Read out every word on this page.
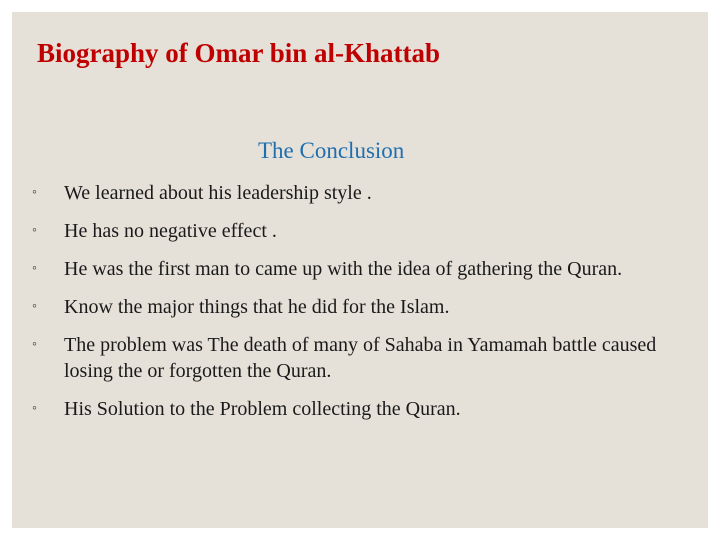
Biography of Omar bin al-Khattab
The Conclusion
◦ We learned about his leadership style .
◦ He has no negative effect .
◦ He was the first man to came up with the idea of gathering the Quran.
◦ Know the major things that he did for the Islam.
◦ The problem was The death of many of Sahaba in Yamamah battle caused losing the or forgotten the Quran.
◦ His Solution to the Problem collecting the Quran.
